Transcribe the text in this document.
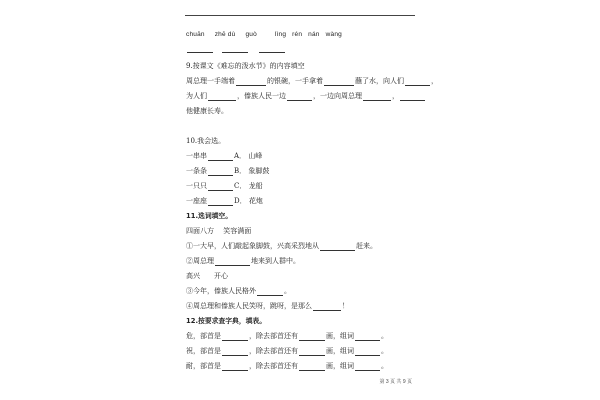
chuān zhē dù guò	lìng rén nán wàng

9.按课文《难忘的泼水节》的内容填空
周总理一手端着	的银碗，一手拿着	蘸了水，向人们	，
为人们	，傣族人民一边	，一边向周总理	，
他健康长寿。
10.我会选。
一串串	A． 山峰
一条条	B． 象脚鼓
一只只	C． 龙船
一座座	D． 花炮
11.选词填空。
四面八方　 笑容满面
①一大早，人们敲起象脚鼓，兴高采烈地从	赶来。
②周总理	地来到人群中。
高兴　　开心
③今年，傣族人民格外	。
④周总理和傣族人民笑呀，跳呀，是那么	！
12.按要求查字典，填表。
危，部首是	，除去部首还有	画，组词	。
祝，部首是	，除去部首还有	画，组词	。
耐，部首是	，除去部首还有	画，组词	。
第 3 页 共 9 页
